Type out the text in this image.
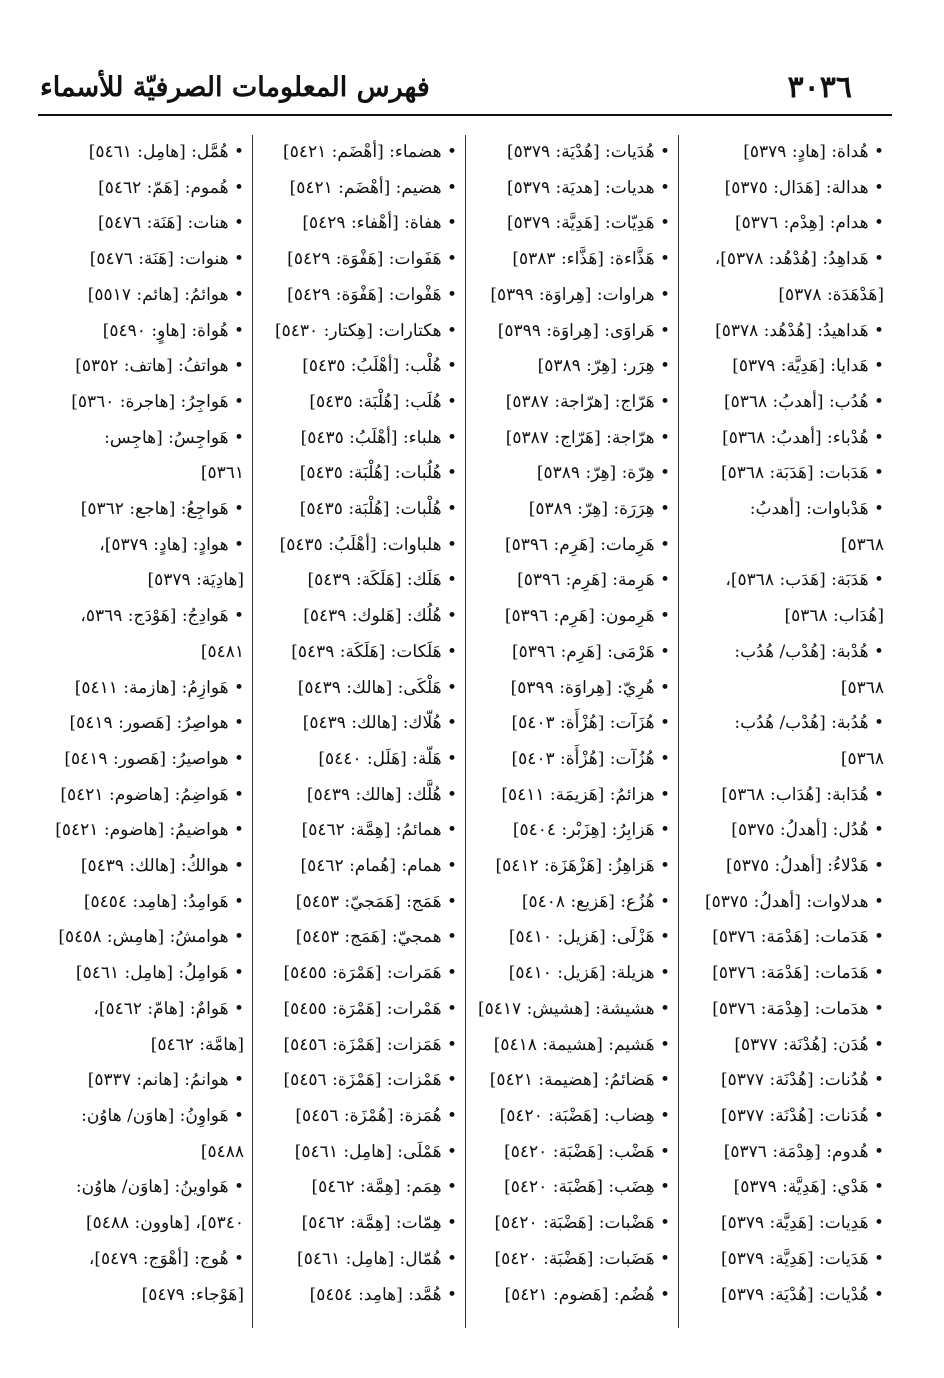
٣٠٣٦
فهرس المعلومات الصرفيّة للأسماء
• هُداة: [هادٍ: ٥٣٧٩]
• هدالة: [هَدَال: ٥٣٧٥]
• هدام: [هِدْم: ٥٣٧٦]
• هَداهِدُ: [هُدْهُد: ٥٣٧٨]،
[هَدْهَدَة: ٥٣٧٨]
• هَداهيدُ: [هُدْهُد: ٥٣٧٨]
• هَدايا: [هَدِيَّة: ٥٣٧٩]
• هُدُب: [أهدبُ: ٥٣٦٨]
• هُدْباء: [أهدبُ: ٥٣٦٨]
• هَدَبات: [هَدَبَة: ٥٣٦٨]
• هَدْباوات: [أهدبُ:
٥٣٦٨]
• هَدَبَة: [هَدَب: ٥٣٦٨]،
[هُدَاب: ٥٣٦٨]
• هُدْبة: [هُدْب/ هُدُب:
٥٣٦٨]
• هُدُبة: [هُدْب/ هُدُب:
٥٣٦٨]
• هُدَابة: [هُدَاب: ٥٣٦٨]
• هُدُل: [أهدلُ: ٥٣٧٥]
• هَدْلاءُ: [أهدلُ: ٥٣٧٥]
• هدلاوات: [أهدلُ: ٥٣٧٥]
• هَدَمات: [هَدْمَة: ٥٣٧٦]
• هَدَمات: [هَدْمَة: ٥٣٧٦]
• هدَمات: [هِدْمَة: ٥٣٧٦]
• هُدَن: [هُدْنَة: ٥٣٧٧]
• هُدُنات: [هُدْنَة: ٥٣٧٧]
• هُدَنات: [هُدْنَة: ٥٣٧٧]
• هُدوم: [هِدْمَة: ٥٣٧٦]
• هَدْي: [هَدِيَّة: ٥٣٧٩]
• هَدِيات: [هَدِيَّة: ٥٣٧٩]
• هَدَيات: [هَدِيَّة: ٥٣٧٩]
• هُدْيات: [هُدْيَة: ٥٣٧٩]
• هُدَيات: [هُدْيَة: ٥٣٧٩]
• هديات: [هديَة: ٥٣٧٩]
• هَدِيّات: [هَدِيَّة: ٥٣٧٩]
• هَذَّاءة: [هَذَّاء: ٥٣٨٣]
• هراوات: [هِراوَة: ٥٣٩٩]
• هَراوَى: [هِراوَة: ٥٣٩٩]
• هِرَر: [هِرّ: ٥٣٨٩]
• هَرّاج: [هرّاجة: ٥٣٨٧]
• هرّاجة: [هَرّاج: ٥٣٨٧]
• هِرّة: [هِرّ: ٥٣٨٩]
• هِرَرَة: [هِرّ: ٥٣٨٩]
• هَرِمات: [هَرِم: ٥٣٩٦]
• هَرِمة: [هَرِم: ٥٣٩٦]
• هَرِمون: [هَرِم: ٥٣٩٦]
• هَرْمَى: [هَرِم: ٥٣٩٦]
• هُرِيّ: [هِراوَة: ٥٣٩٩]
• هُزَآت: [هُزْأَة: ٥٤٠٣]
• هُزُآت: [هُزْأَة: ٥٤٠٣]
• هزائمُ: [هَزيمَة: ٥٤١١]
• هَزابِرُ: [هِزَبْر: ٥٤٠٤]
• هَزاهِزُ: [هَزْهَزَة: ٥٤١٢]
• هُزُع: [هَزيع: ٥٤٠٨]
• هَزْلَى: [هَزيل: ٥٤١٠]
• هزيلة: [هَزيل: ٥٤١٠]
• هشيشة: [هشيش: ٥٤١٧]
• هَشيم: [هشيمة: ٥٤١٨]
• هَضائمُ: [هضيمة: ٥٤٢١]
• هِضاب: [هَضْبَة: ٥٤٢٠]
• هَضْب: [هَضْبَة: ٥٤٢٠]
• هِضَب: [هَضْبَة: ٥٤٢٠]
• هَضْبات: [هَضْبَة: ٥٤٢٠]
• هَضَبات: [هَضْبَة: ٥٤٢٠]
• هُضُم: [هَضوم: ٥٤٢١]
• هضماء: [أهْضَم: ٥٤٢١]
• هضيم: [أهْضَم: ٥٤٢١]
• هفاة: [أهْفاء: ٥٤٢٩]
• هَفَوات: [هَفْوَة: ٥٤٢٩]
• هَفْوات: [هَفْوَة: ٥٤٢٩]
• هكتارات: [هِكتار: ٥٤٣٠]
• هُلْب: [أهْلَبُ: ٥٤٣٥]
• هُلَب: [هُلْبَة: ٥٤٣٥]
• هلباء: [أهْلَبُ: ٥٤٣٥]
• هُلُبات: [هُلْبَة: ٥٤٣٥]
• هُلْبات: [هُلْبَة: ٥٤٣٥]
• هلباوات: [أهْلَبُ: ٥٤٣٥]
• هَلَك: [هَلَكَة: ٥٤٣٩]
• هُلُك: [هَلوك: ٥٤٣٩]
• هَلَكات: [هَلَكَة: ٥٤٣٩]
• هَلْكَى: [هالك: ٥٤٣٩]
• هُلّاك: [هالك: ٥٤٣٩]
• هَلّة: [هَلَل: ٥٤٤٠]
• هُلَّك: [هالك: ٥٤٣٩]
• همائمُ: [هِمَّة: ٥٤٦٢]
• همام: [هُمام: ٥٤٦٢]
• هَمَج: [هَمَجيّ: ٥٤٥٣]
• همجيّ: [هَمَج: ٥٤٥٣]
• هَمَرات: [هَمْرَة: ٥٤٥٥]
• هَمْرات: [هَمْرَة: ٥٤٥٥]
• هَمَزات: [هَمْزَة: ٥٤٥٦]
• هَمْزات: [هَمْزَة: ٥٤٥٦]
• هُمَزة: [هُمْزَة: ٥٤٥٦]
• هَمْلَى: [هامِل: ٥٤٦١]
• هِمَم: [هِمَّة: ٥٤٦٢]
• هِمّات: [هِمَّة: ٥٤٦٢]
• هُمّال: [هامِل: ٥٤٦١]
• هُمَّد: [هامِد: ٥٤٥٤]
• هُمَّل: [هامِل: ٥٤٦١]
• هُموم: [هَمّ: ٥٤٦٢]
• هنات: [هَنَة: ٥٤٧٦]
• هنوات: [هَنَة: ٥٤٧٦]
• هوائمُ: [هائم: ٥٥١٧]
• هُواة: [هاوٍ: ٥٤٩٠]
• هواتفُ: [هاتف: ٥٣٥٢]
• هَواجِرُ: [هاجرة: ٥٣٦٠]
• هَواجِسُ: [هاجِس:
٥٣٦١]
• هَواجِعُ: [هاجع: ٥٣٦٢]
• هوادٍ: [هادٍ: ٥٣٧٩]،
[هادِيَة: ٥٣٧٩]
• هَوادِجُ: [هَوْدَج: ٥٣٦٩،
٥٤٨١]
• هَوازِمُ: [هازمة: ٥٤١١]
• هواصِرُ: [هَصور: ٥٤١٩]
• هواصيرُ: [هَصور: ٥٤١٩]
• هَواضِمُ: [هاضوم: ٥٤٢١]
• هواضيمُ: [هاضوم: ٥٤٢١]
• هوالكُ: [هالك: ٥٤٣٩]
• هَوامِدُ: [هامِد: ٥٤٥٤]
• هوامشُ: [هامِش: ٥٤٥٨]
• هَوامِلُ: [هامِل: ٥٤٦١]
• هَوامٌ: [هامّ: ٥٤٦٢]،
[هامَّة: ٥٤٦٢]
• هوانمُ: [هانم: ٥٣٣٧]
• هَواوِنُ: [هاوَن/ هاوُن:
٥٤٨٨]
• هَواوينُ: [هاوَن/ هاوُن:
٥٣٤٠]، [هاوون: ٥٤٨٨]
• هُوج: [أهْوَج: ٥٤٧٩]،
[هَوْجاء: ٥٤٧٩]
